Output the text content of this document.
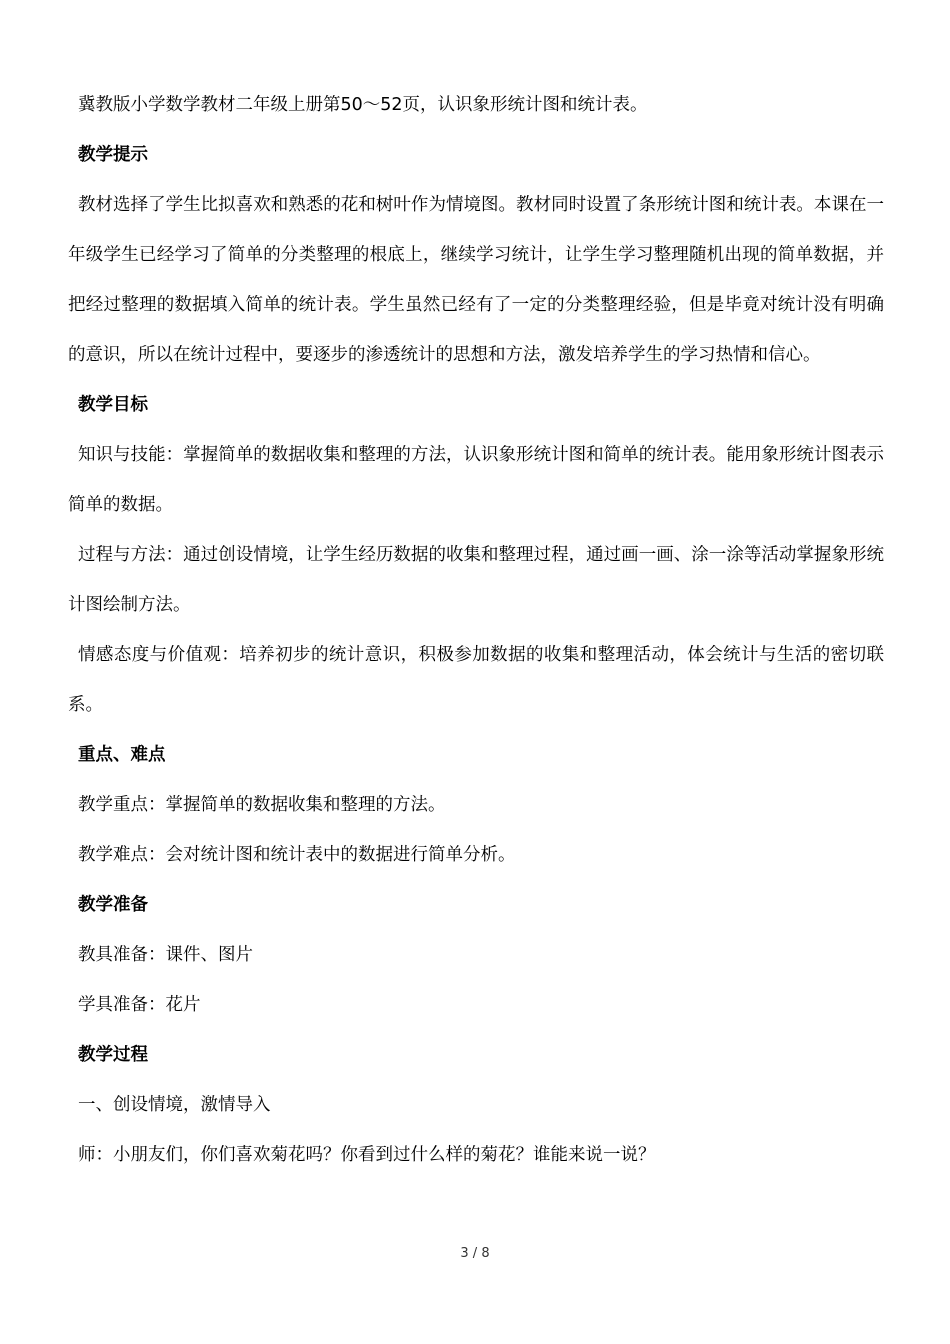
冀教版小学数学教材二年级上册第50～52页，认识象形统计图和统计表。

教学提示

教材选择了学生比拟喜欢和熟悉的花和树叶作为情境图。教材同时设置了条形统计图和统计表。本课在一年级学生已经学习了简单的分类整理的根底上，继续学习统计，让学生学习整理随机出现的简单数据，并把经过整理的数据填入简单的统计表。学生虽然已经有了一定的分类整理经验，但是毕竟对统计没有明确的意识，所以在统计过程中，要逐步的渗透统计的思想和方法，激发培养学生的学习热情和信心。

教学目标

知识与技能：掌握简单的数据收集和整理的方法，认识象形统计图和简单的统计表。能用象形统计图表示简单的数据。

过程与方法：通过创设情境，让学生经历数据的收集和整理过程，通过画一画、涂一涂等活动掌握象形统计图绘制方法。

情感态度与价值观：培养初步的统计意识，积极参加数据的收集和整理活动，体会统计与生活的密切联系。

重点、难点

教学重点：掌握简单的数据收集和整理的方法。

教学难点：会对统计图和统计表中的数据进行简单分析。

教学准备

教具准备：课件、图片

学具准备：花片

教学过程

一、创设情境，激情导入

师：小朋友们，你们喜欢菊花吗？你看到过什么样的菊花？谁能来说一说？

3 / 8
